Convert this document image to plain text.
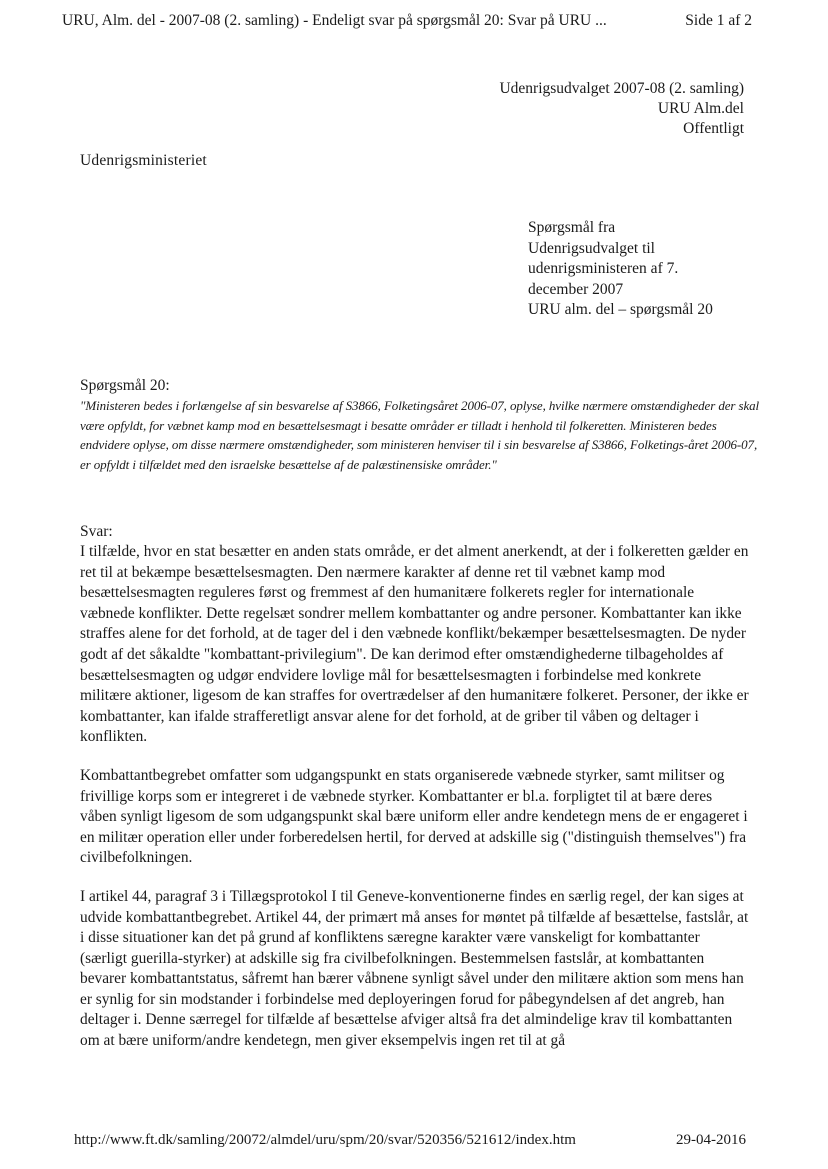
URU, Alm. del - 2007-08 (2. samling) - Endeligt svar på spørgsmål 20: Svar på URU ...	Side 1 af 2
Udenrigsudvalget 2007-08 (2. samling)
URU Alm.del
Offentligt
Udenrigsministeriet
Spørgsmål fra
Udenrigsudvalget til
udenrigsministeren af 7.
december 2007
URU alm. del – spørgsmål 20
Spørgsmål 20:
"Ministeren bedes i forlængelse af sin besvarelse af S3866, Folketingsåret 2006-07, oplyse, hvilke nærmere omstændigheder der skal være opfyldt, for væbnet kamp mod en besættelsesmagt i besatte områder er tilladt i henhold til folkeretten. Ministeren bedes endvidere oplyse, om disse nærmere omstændigheder, som ministeren henviser til i sin besvarelse af S3866, Folketings-året 2006-07, er opfyldt i tilfældet med den israelske besættelse af de palæstinensiske områder."

Svar:

I tilfælde, hvor en stat besætter en anden stats område, er det alment anerkendt, at der i folkeretten gælder en ret til at bekæmpe besættelsesmagten. Den nærmere karakter af denne ret til væbnet kamp mod besættelsesmagten reguleres først og fremmest af den humanitære folkerets regler for internationale væbnede konflikter. Dette regelsæt sondrer mellem kombattanter og andre personer. Kombattanter kan ikke straffes alene for det forhold, at de tager del i den væbnede konflikt/bekæmper besættelsesmagten. De nyder godt af det såkaldte "kombattant-privilegium". De kan derimod efter omstændighederne tilbageholdes af besættelsesmagten og udgør endvidere lovlige mål for besættelsesmagten i forbindelse med konkrete militære aktioner, ligesom de kan straffes for overtrædelser af den humanitære folkeret. Personer, der ikke er kombattanter, kan ifalde strafferetligt ansvar alene for det forhold, at de griber til våben og deltager i konflikten.

Kombattantbegrebet omfatter som udgangspunkt en stats organiserede væbnede styrker, samt militser og frivillige korps som er integreret i de væbnede styrker. Kombattanter er bl.a. forpligtet til at bære deres våben synligt ligesom de som udgangspunkt skal bære uniform eller andre kendetegn mens de er engageret i en militær operation eller under forberedelsen hertil, for derved at adskille sig ("distinguish themselves") fra civilbefolkningen.

I artikel 44, paragraf 3 i Tillægsprotokol I til Geneve-konventionerne findes en særlig regel, der kan siges at udvide kombattantbegrebet. Artikel 44, der primært må anses for møntet på tilfælde af besættelse, fastslår, at i disse situationer kan det på grund af konfliktens særegne karakter være vanskeligt for kombattanter (særligt guerilla-styrker) at adskille sig fra civilbefolkningen. Bestemmelsen fastslår, at kombattanten bevarer kombattantstatus, såfremt han bærer våbnene synligt såvel under den militære aktion som mens han er synlig for sin modstander i forbindelse med deployeringen forud for påbegyndelsen af det angreb, han deltager i. Denne særregel for tilfælde af besættelse afviger altså fra det almindelige krav til kombattanten om at bære uniform/andre kendetegn, men giver eksempelvis ingen ret til at gå

http://www.ft.dk/samling/20072/almdel/uru/spm/20/svar/520356/521612/index.htm	29-04-2016
